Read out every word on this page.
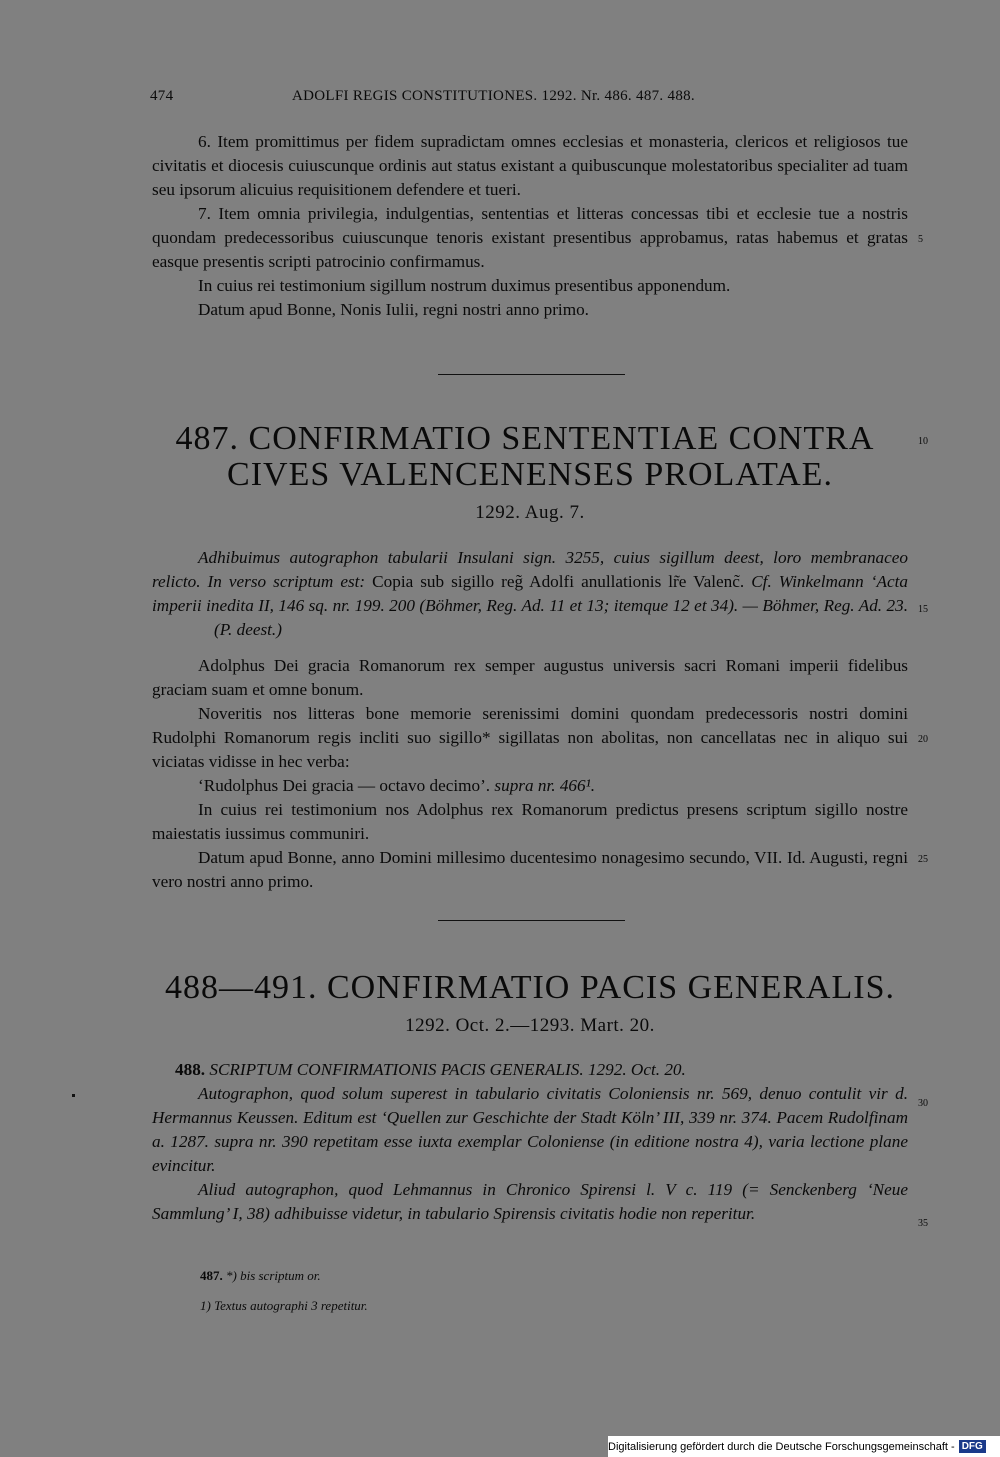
474	ADOLFI REGIS CONSTITUTIONES. 1292. Nr. 486. 487. 488.

6. Item promittimus per fidem supradictam omnes ecclesias et monasteria, clericos et religiosos tue civitatis et diocesis cuiuscunque ordinis aut status existant a quibuscunque molestatoribus specialiter ad tuam seu ipsorum alicuius requisitionem defendere et tueri.

7. Item omnia privilegia, indulgentias, sententias et litteras concessas tibi et ecclesie tue a nostris quondam predecessoribus cuiuscunque tenoris existant presentibus approbamus, ratas habemus et gratas easque presentis scripti patrocinio confirmamus.

In cuius rei testimonium sigillum nostrum duximus presentibus apponendum.

Datum apud Bonne, Nonis Iulii, regni nostri anno primo.

5
487. CONFIRMATIO SENTENTIAE CONTRA	10
CIVES VALENCENENSES PROLATAE.
1292. Aug. 7.

Adhibuimus autographon tabularii Insulani sign. 3255, cuius sigillum deest, loro membranaceo relicto. In verso scriptum est: Copia sub sigillo reg̃ Adolfi anullationis lr̃e Valenc̃. Cf. Winkelmann ‘Acta imperii inedita II, 146 sq. nr. 199. 200 (Böhmer, Reg. Ad. 11 et 13; itemque 12 et 34). — Böhmer, Reg. Ad. 23.(P. deest.)

15

Adolphus Dei gracia Romanorum rex semper augustus universis sacri Romani imperii fidelibus graciam suam et omne bonum.

Noveritis nos litteras bone memorie serenissimi domini quondam predecessoris nostri domini Rudolphi Romanorum regis incliti suo sigillo* sigillatas non abolitas, non cancellatas nec in aliquo sui viciatas vidisse in hec verba:

‘Rudolphus Dei gracia — octavo decimo’. supra nr. 466¹.

In cuius rei testimonium nos Adolphus rex Romanorum predictus presens scriptum sigillo nostre maiestatis iussimus communiri.

Datum apud Bonne, anno Domini millesimo ducentesimo nonagesimo secundo, VII. Id. Augusti, regni vero nostri anno primo.

20
25
488—491. CONFIRMATIO PACIS GENERALIS.
1292. Oct. 2.—1293. Mart. 20.
488. SCRIPTUM CONFIRMATIONIS PACIS GENERALIS. 1292. Oct. 20.

Autographon, quod solum superest in tabulario civitatis Coloniensis nr. 569, denuo contulit vir d. Hermannus Keussen. Editum est ‘Quellen zur Geschichte der Stadt Köln’ III, 339 nr. 374. Pacem Rudolfinam a. 1287. supra nr. 390 repetitam esse iuxta exemplar Coloniense (in editione nostra 4), varia lectione plane evincitur.

Aliud autographon, quod Lehmannus in Chronico Spirensi l. V c. 119 (= Senckenberg ‘Neue Sammlung’ I, 38) adhibuisse videtur, in tabulario Spirensis civitatis hodie non reperitur.

30
35
487. *) bis scriptum or.
1) Textus autographi 3 repetitur.
Digitalisierung gefördert durch die Deutsche Forschungsgemeinschaft - DFG
